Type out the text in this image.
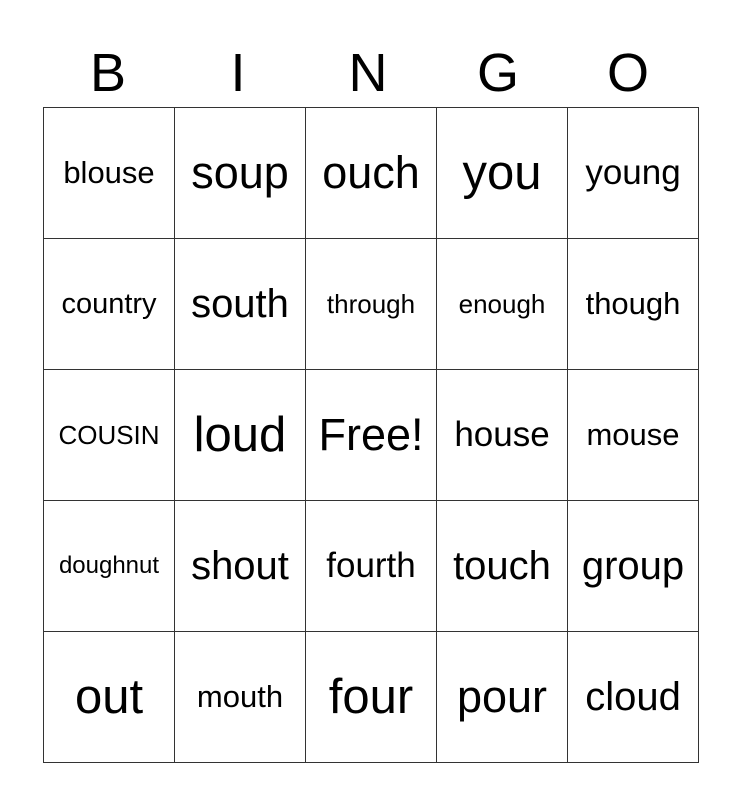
B	I	N	G	O
blouse	soup	ouch	you	young
country	south	through	enough	though
COUSIN	loud	Free!	house	mouse
doughnut	shout	fourth	touch	group
out	mouth	four	pour	cloud
